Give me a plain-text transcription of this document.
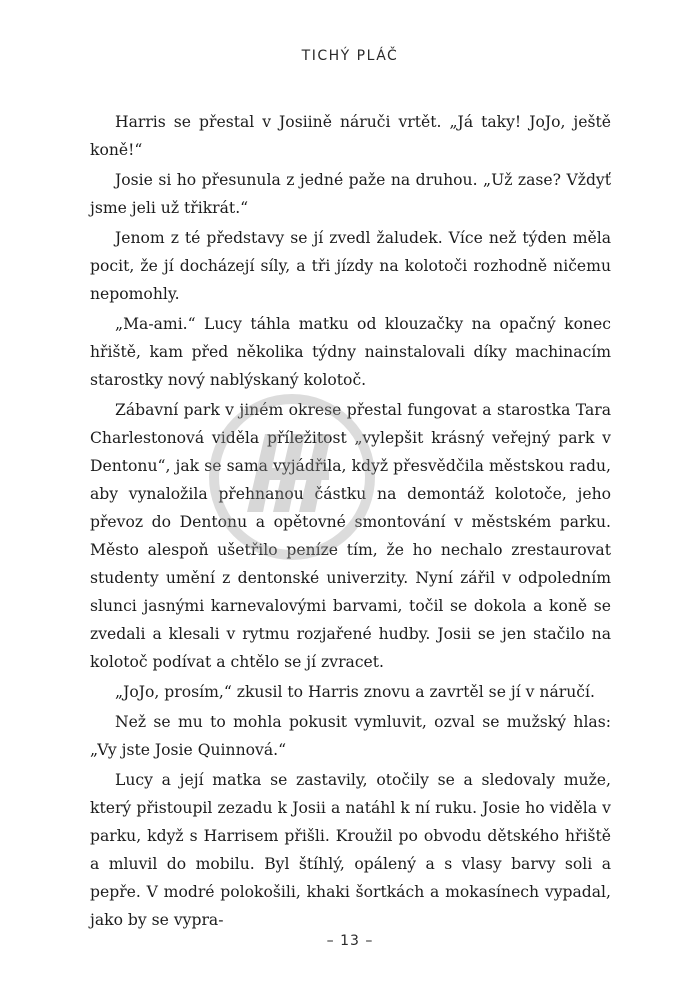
TICHÝ PLÁČ

Harris se přestal v Josiině náruči vrtět. „Já taky! JoJo, ještě koně!“

Josie si ho přesunula z jedné paže na druhou. „Už zase? Vždyť jsme jeli už třikrát.“

Jenom z té představy se jí zvedl žaludek. Více než týden měla pocit, že jí docházejí síly, a tři jízdy na kolotoči rozhodně ničemu nepomohly.

„Ma-ami.“ Lucy táhla matku od klouzačky na opačný konec hřiště, kam před několika týdny nainstalovali díky machinacím starostky nový nablýskaný kolotoč.

Zábavní park v jiném okrese přestal fungovat a starostka Tara Charlestonová viděla příležitost „vylepšit krásný veřejný park v Dentonu“, jak se sama vyjádřila, když přesvědčila městskou radu, aby vynaložila přehnanou částku na demontáž kolotoče, jeho převoz do Dentonu a opětovné smontování v městském parku. Město alespoň ušetřilo peníze tím, že ho nechalo zrestaurovat studenty umění z dentonské univerzity. Nyní zářil v odpoledním slunci jasnými karnevalovými barvami, točil se dokola a koně se zvedali a klesali v rytmu rozjařené hudby. Josii se jen stačilo na kolotoč podívat a chtělo se jí zvracet.

„JoJo, prosím,“ zkusil to Harris znovu a zavrtěl se jí v náručí.

Než se mu to mohla pokusit vymluvit, ozval se mužský hlas: „Vy jste Josie Quinnová.“

Lucy a její matka se zastavily, otočily se a sledovaly muže, který přistoupil zezadu k Josii a natáhl k ní ruku. Josie ho viděla v parku, když s Harrisem přišli. Kroužil po obvodu dětského hřiště a mluvil do mobilu. Byl štíhlý, opálený a s vlasy barvy soli a pepře. V modré polokošili, khaki šortkách a mokasínech vypadal, jako by se vypra-

– 13 –
